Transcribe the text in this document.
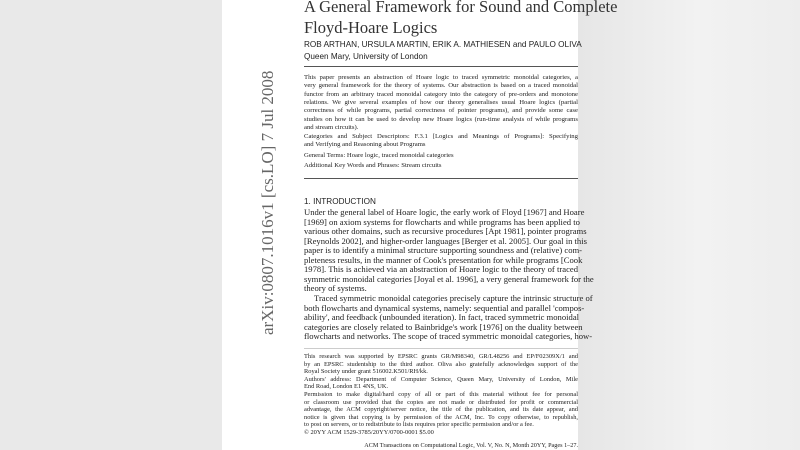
arXiv:0807.1016v1 [cs.LO] 7 Jul 2008
A General Framework for Sound and Complete
Floyd-Hoare Logics
ROB ARTHAN, URSULA MARTIN, ERIK A. MATHIESEN and PAULO OLIVA
Queen Mary, University of London
This paper presents an abstraction of Hoare logic to traced symmetric monoidal categories, a
very general framework for the theory of systems. Our abstraction is based on a traced monoidal
functor from an arbitrary traced monoidal category into the category of pre-orders and monotone
relations. We give several examples of how our theory generalises usual Hoare logics (partial
correctness of while programs, partial correctness of pointer programs), and provide some case
studies on how it can be used to develop new Hoare logics (run-time analysis of while programs
and stream circuits).
Categories and Subject Descriptors: F.3.1 [Logics and Meanings of Programs]: Specifying
and Verifying and Reasoning about Programs
General Terms: Hoare logic, traced monoidal categories
Additional Key Words and Phrases: Stream circuits
1. INTRODUCTION
Under the general label of Hoare logic, the early work of Floyd [1967] and Hoare
[1969] on axiom systems for flowcharts and while programs has been applied to
various other domains, such as recursive procedures [Apt 1981], pointer programs
[Reynolds 2002], and higher-order languages [Berger et al. 2005]. Our goal in this
paper is to identify a minimal structure supporting soundness and (relative) com-
pleteness results, in the manner of Cook's presentation for while programs [Cook
1978]. This is achieved via an abstraction of Hoare logic to the theory of traced
symmetric monoidal categories [Joyal et al. 1996], a very general framework for the
theory of systems.
Traced symmetric monoidal categories precisely capture the intrinsic structure of
both flowcharts and dynamical systems, namely: sequential and parallel 'compos-
ability', and feedback (unbounded iteration). In fact, traced symmetric monoidal
categories are closely related to Bainbridge's work [1976] on the duality between
flowcharts and networks. The scope of traced symmetric monoidal categories, how-
This research was supported by EPSRC grants GR/M98340, GR/L48256 and EP/F02309X/1 and
by an EPSRC studentship to the third author. Oliva also gratefully acknowledges support of the
Royal Society under grant 516002.K501/RH/kk.
Authors' address: Department of Computer Science, Queen Mary, University of London, Mile
End Road, London E1 4NS, UK.
Permission to make digital/hard copy of all or part of this material without fee for personal
or classroom use provided that the copies are not made or distributed for profit or commercial
advantage, the ACM copyright/server notice, the title of the publication, and its date appear, and
notice is given that copying is by permission of the ACM, Inc. To copy otherwise, to republish,
to post on servers, or to redistribute to lists requires prior specific permission and/or a fee.
© 20YY ACM 1529-3785/20YY/0700-0001 $5.00
ACM Transactions on Computational Logic, Vol. V, No. N, Month 20YY, Pages 1–27.
